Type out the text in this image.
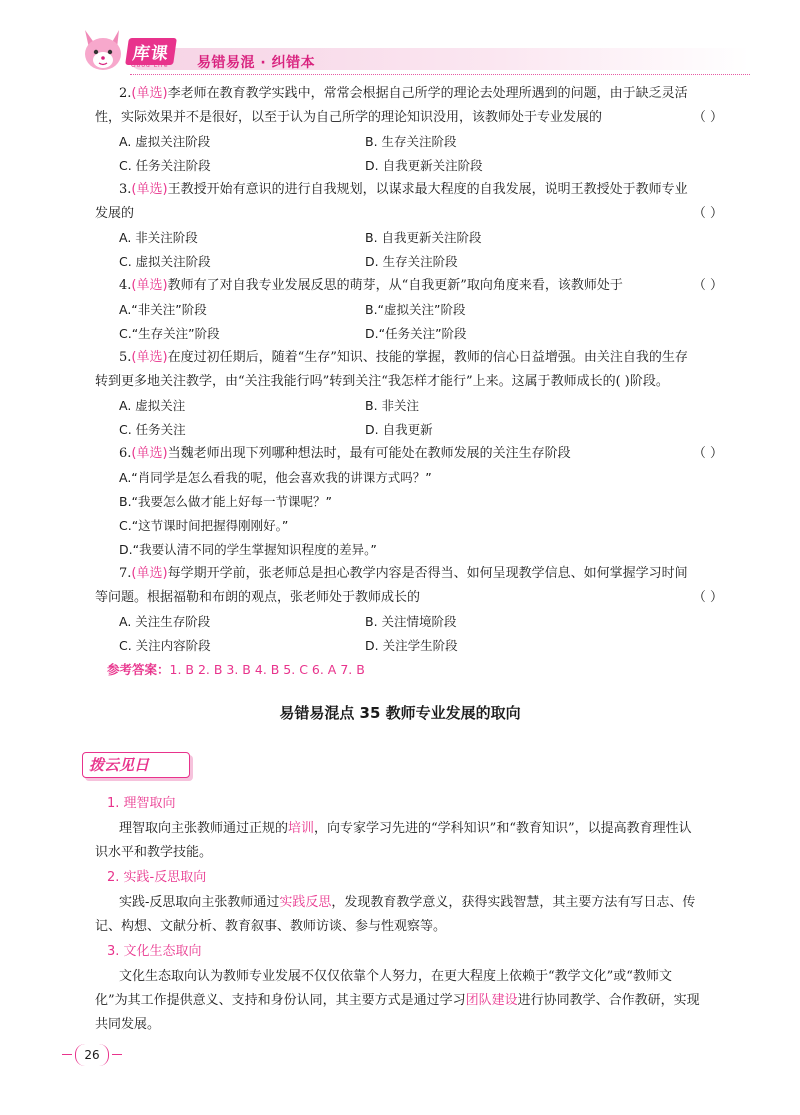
库课
Good Life 易错易混 · 纠错本
2.(单选)李老师在教育教学实践中，常常会根据自己所学的理论去处理所遇到的问题，由于缺乏灵活
性，实际效果并不是很好，以至于认为自己所学的理论知识没用，该教师处于专业发展的	（ ）
A. 虚拟关注阶段	B. 生存关注阶段
C. 任务关注阶段	D. 自我更新关注阶段
3.(单选)王教授开始有意识的进行自我规划，以谋求最大程度的自我发展，说明王教授处于教师专业
发展的	（ ）
A. 非关注阶段	B. 自我更新关注阶段
C. 虚拟关注阶段	D. 生存关注阶段
4.(单选)教师有了对自我专业发展反思的萌芽，从“自我更新”取向角度来看，该教师处于	（ ）
A.“非关注”阶段	B.“虚拟关注”阶段
C.“生存关注”阶段	D.“任务关注”阶段
5.(单选)在度过初任期后，随着“生存”知识、技能的掌握，教师的信心日益增强。由关注自我的生存
转到更多地关注教学，由“关注我能行吗”转到关注“我怎样才能行”上来。这属于教师成长的( )阶段。
A. 虚拟关注	B. 非关注
C. 任务关注	D. 自我更新
6.(单选)当魏老师出现下列哪种想法时，最有可能处在教师发展的关注生存阶段	（ ）
A.“肖同学是怎么看我的呢，他会喜欢我的讲课方式吗？”
B.“我要怎么做才能上好每一节课呢？”
C.“这节课时间把握得刚刚好。”
D.“我要认清不同的学生掌握知识程度的差异。”
7.(单选)每学期开学前，张老师总是担心教学内容是否得当、如何呈现教学信息、如何掌握学习时间
等问题。根据福勒和布朗的观点，张老师处于教师成长的	（ ）
A. 关注生存阶段	B. 关注情境阶段
C. 关注内容阶段	D. 关注学生阶段
参考答案：1. B 2. B 3. B 4. B 5. C 6. A 7. B
易错易混点 35 教师专业发展的取向
拨云见日
1. 理智取向
理智取向主张教师通过正规的培训，向专家学习先进的“学科知识”和“教育知识”，以提高教育理性认
识水平和教学技能。
2. 实践-反思取向
实践-反思取向主张教师通过实践反思，发现教育教学意义，获得实践智慧，其主要方法有写日志、传
记、构想、文献分析、教育叙事、教师访谈、参与性观察等。
3. 文化生态取向
文化生态取向认为教师专业发展不仅仅依靠个人努力，在更大程度上依赖于“教学文化”或“教师文
化”为其工作提供意义、支持和身份认同，其主要方式是通过学习团队建设进行协同教学、合作教研，实现
共同发展。
26
